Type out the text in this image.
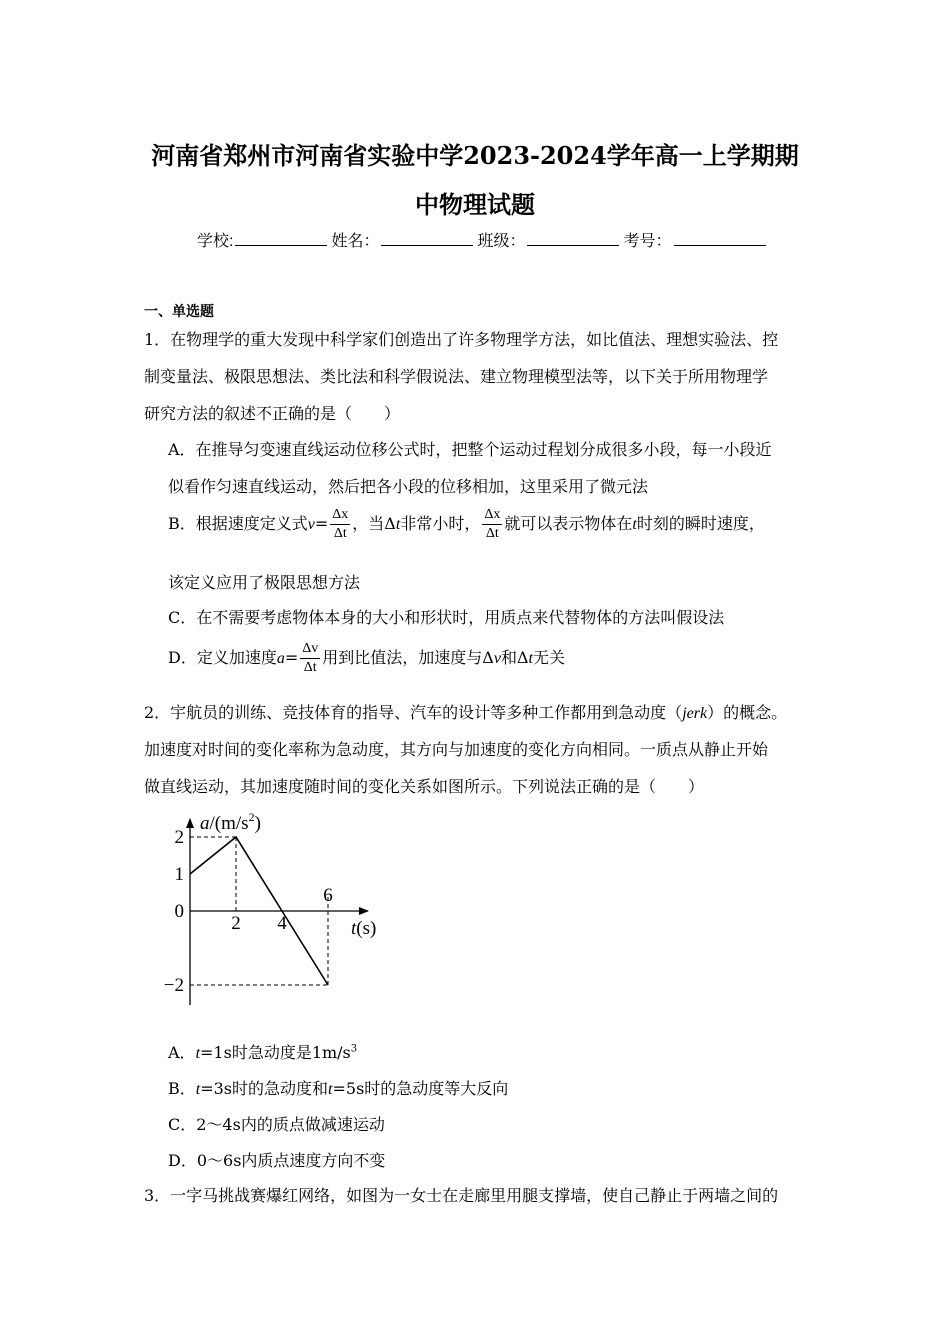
河南省郑州市河南省实验中学2023-2024学年高一上学期期
中物理试题
学校:	姓名：	班级：	考号：
一、单选题
1．在物理学的重大发现中科学家们创造出了许多物理学方法，如比值法、理想实验法、控
制变量法、极限思想法、类比法和科学假说法、建立物理模型法等，以下关于所用物理学
研究方法的叙述不正确的是（　　）
A．在推导匀变速直线运动位移公式时，把整个运动过程划分成很多小段，每一小段近
似看作匀速直线运动，然后把各小段的位移相加，这里采用了微元法
B．根据速度定义式$v= \frac{\Delta x}{\Delta t}$ ，当Δt非常小时， $\frac{\Delta x}{\Delta t}$ 就可以表示物体在t时刻的瞬时速度，
该定义应用了极限思想方法
C．在不需要考虑物体本身的大小和形状时，用质点来代替物体的方法叫假设法
D．定义加速度$a= \frac{\Delta v}{\Delta t}$ 用到比值法，加速度与Δv和Δt无关
2．宇航员的训练、竞技体育的指导、汽车的设计等多种工作都用到急动度（jerk）的概念。
加速度对时间的变化率称为急动度，其方向与加速度的变化方向相同。一质点从静止开始
做直线运动，其加速度随时间的变化关系如图所示。下列说法正确的是（　　）
2
1
0
−2
2 4
6
$a/(m/s^2)$
t(s)
A．t=1s时急动度是$1m/s^3$
B．t=3s时的急动度和t=5s时的急动度等大反向
C．2～4s内的质点做减速运动
D．0～6s内质点速度方向不变
3．一字马挑战赛爆红网络，如图为一女士在走廊里用腿支撑墙，使自己静止于两墙之间的
